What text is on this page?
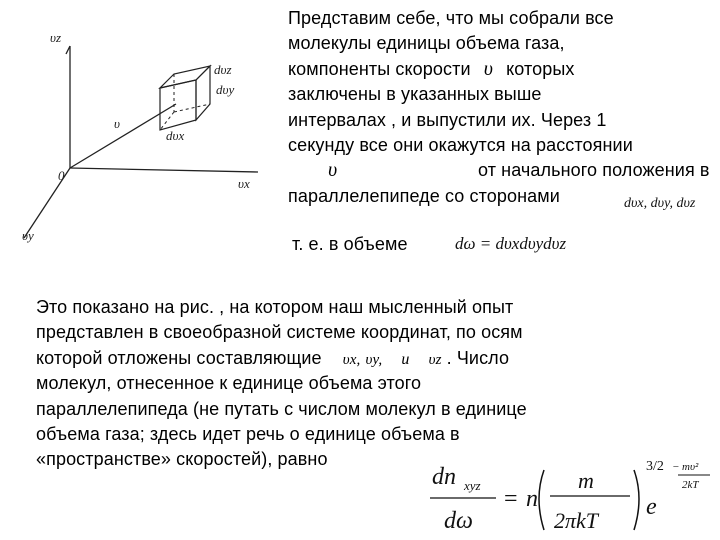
υz
υx
υy
0
υ
dυz
dυy
dυx
Представим себе, что мы собрали все
молекулы единицы объема газа,
компоненты скорости υ которых
заключены в указанных выше
интервалах , и выпустили их. Через 1
секунду все они окажутся на расстоянии
υ	от начального положения в
параллелепипеде со сторонами	dυx, dυy, dυz
т. е. в объеме	dω = dυxdυydυz
Это показано на рис. , на котором наш мысленный опыт
представлен в своеобразной системе координат, по осям
которой отложены составляющие υx, υy, и υz . Число
молекул, отнесенное к единице объема этого
параллелепипеда (не путать с числом молекул в единице
объема газа; здесь идет речь о единице объема в
«пространстве» скоростей), равно
dn xyz
dω
= n
m
2πkT
3/2
e
− mυ²
2kT
